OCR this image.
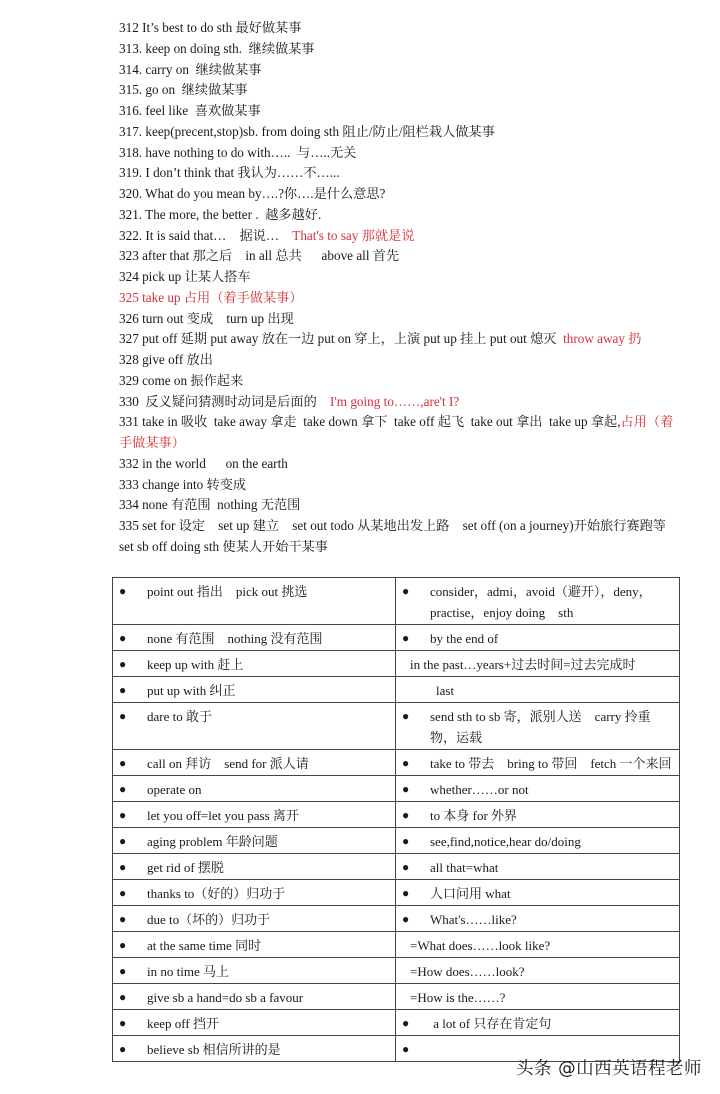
312 It’s best to do sth 最好做某事
313. keep on doing sth.  继续做某事
314. carry on  继续做某事
315. go on  继续做某事
316. feel like  喜欢做某事
317. keep(precent,stop)sb. from doing sth 阻止/防止/阻栏栽人做某事
318. have nothing to do with…..  与…..无关
319. I don’t think that 我认为……不…...
320. What do you mean by….?你….是什么意思?
321. The more, the better .  越多越好.
322. It is said that…    据说…    That's to say 那就是说
323 after that 那之后    in all 总共      above all 首先
324 pick up 让某人搭车
325 take up 占用（着手做某事）
326 turn out 变成    turn up 出现
327 put off 延期 put away 放在一边 put on 穿上，上演 put up 挂上 put out 熄灭  throw away 扔
328 give off 放出
329 come on 振作起来
330  反义疑问猜测时动词是后面的    I'm going to……,are't I?
331 take in 吸收  take away 拿走  take down 拿下  take off 起飞  take out 拿出  take up 拿起,占用（着手做某事）
332 in the world      on the earth
333 change into 转变成
334 none 有范围  nothing 无范围
335 set for 设定    set up 建立    set out todo 从某地出发上路    set off (on a journey)开始旅行赛跑等    set sb off doing sth 使某人开始干某事
● point out 指出    pick out 挑选	● consider，admi，avoid（避开），deny，practise，enjoy doing    sth

● none 有范围    nothing 没有范围	● by the end of

● keep up with 赶上	in the past…years+过去时间=过去完成时

● put up with 纠正	last

● dare to 敢于	● send sth to sb 寄，派别人送    carry 拎重物，运载

● call on 拜访    send for 派人请	● take to 带去    bring to 带回    fetch 一个来回

● operate on	● whether……or not

● let you off=let you pass 离开	● to 本身 for 外界

● aging problem 年龄问题	● see,find,notice,hear do/doing

● get rid of 摆脱	● all that=what

● thanks to（好的）归功于	● 人口问用 what

● due to（坏的）归功于	● What's……like?

● at the same time 同时	=What does……look like?

● in no time 马上	=How does……look?

● give sb a hand=do sb a favour	=How is the……?

● keep off 挡开	● a lot of 只存在肯定句

● believe sb 相信所讲的是	●
头条 @山西英语程老师
